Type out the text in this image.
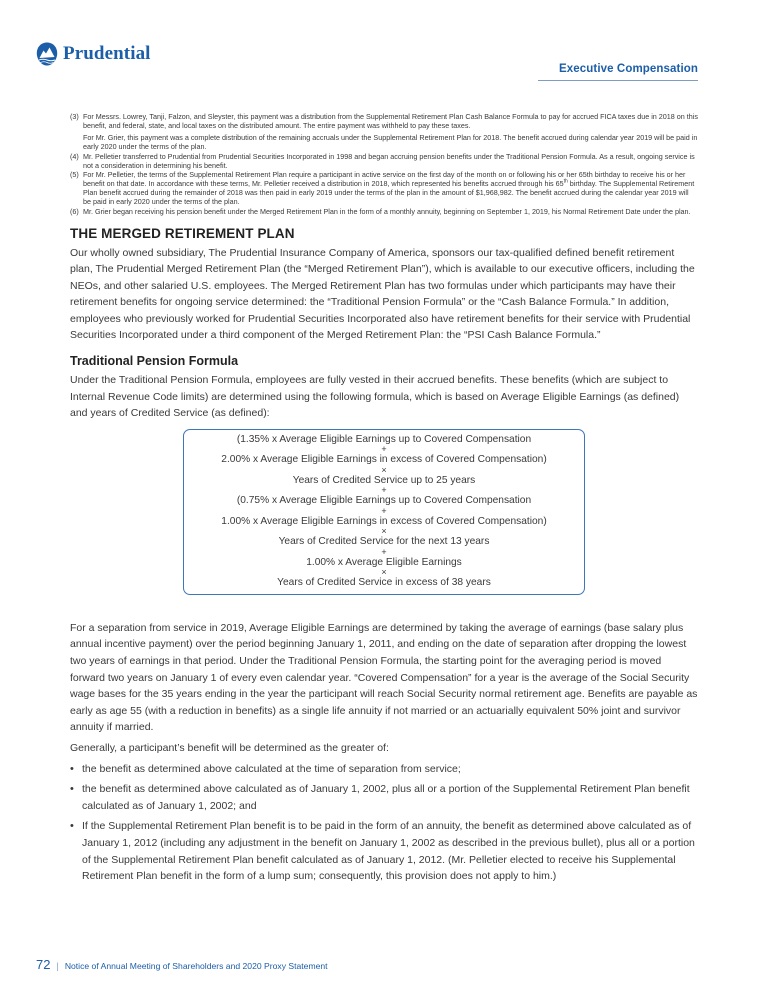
Prudential
Executive Compensation
(3) For Messrs. Lowrey, Tanji, Falzon, and Sleyster, this payment was a distribution from the Supplemental Retirement Plan Cash Balance Formula to pay for accrued FICA taxes due in 2018 on this benefit, and federal, state, and local taxes on the distributed amount. The entire payment was withheld to pay these taxes.

For Mr. Grier, this payment was a complete distribution of the remaining accruals under the Supplemental Retirement Plan for 2018. The benefit accrued during calendar year 2019 will be paid in early 2020 under the terms of the plan.

(4) Mr. Pelletier transferred to Prudential from Prudential Securities Incorporated in 1998 and began accruing pension benefits under the Traditional Pension Formula. As a result, ongoing service is not a consideration in determining his benefit.

(5) For Mr. Pelletier, the terms of the Supplemental Retirement Plan require a participant in active service on the first day of the month on or following his or her 65th birthday to receive his or her benefit on that date. In accordance with these terms, Mr. Pelletier received a distribution in 2018, which represented his benefits accrued through his 65th birthday. The Supplemental Retirement Plan benefit accrued during the remainder of 2018 was then paid in early 2019 under the terms of the plan in the amount of $1,968,982. The benefit accrued during the calendar year 2019 will be paid in early 2020 under the terms of the plan.

(6) Mr. Grier began receiving his pension benefit under the Merged Retirement Plan in the form of a monthly annuity, beginning on September 1, 2019, his Normal Retirement Date under the plan.

THE MERGED RETIREMENT PLAN

Our wholly owned subsidiary, The Prudential Insurance Company of America, sponsors our tax-qualified defined benefit retirement plan, The Prudential Merged Retirement Plan (the “Merged Retirement Plan”), which is available to our executive officers, including the NEOs, and other salaried U.S. employees. The Merged Retirement Plan has two formulas under which participants may have their retirement benefits for ongoing service determined: the “Traditional Pension Formula” or the “Cash Balance Formula.” In addition, employees who previously worked for Prudential Securities Incorporated also have retirement benefits for their service with Prudential Securities Incorporated under a third component of the Merged Retirement Plan: the “PSI Cash Balance Formula.”

Traditional Pension Formula

Under the Traditional Pension Formula, employees are fully vested in their accrued benefits. These benefits (which are subject to Internal Revenue Code limits) are determined using the following formula, which is based on Average Eligible Earnings (as defined) and years of Credited Service (as defined):

(1.35% x Average Eligible Earnings up to Covered Compensation
+
2.00% x Average Eligible Earnings in excess of Covered Compensation)
×
Years of Credited Service up to 25 years
+
(0.75% x Average Eligible Earnings up to Covered Compensation
+
1.00% x Average Eligible Earnings in excess of Covered Compensation)
×
Years of Credited Service for the next 13 years
+
1.00% x Average Eligible Earnings
×
Years of Credited Service in excess of 38 years

For a separation from service in 2019, Average Eligible Earnings are determined by taking the average of earnings (base salary plus annual incentive payment) over the period beginning January 1, 2011, and ending on the date of separation after dropping the lowest two years of earnings in that period. Under the Traditional Pension Formula, the starting point for the averaging period is moved forward two years on January 1 of every even calendar year. “Covered Compensation” for a year is the average of the Social Security wage bases for the 35 years ending in the year the participant will reach Social Security normal retirement age. Benefits are payable as early as age 55 (with a reduction in benefits) as a single life annuity if not married or an actuarially equivalent 50% joint and survivor annuity if married.

Generally, a participant’s benefit will be determined as the greater of:

• the benefit as determined above calculated at the time of separation from service;
• the benefit as determined above calculated as of January 1, 2002, plus all or a portion of the Supplemental Retirement Plan benefit calculated as of January 1, 2002; and
• If the Supplemental Retirement Plan benefit is to be paid in the form of an annuity, the benefit as determined above calculated as of January 1, 2012 (including any adjustment in the benefit on January 1, 2002 as described in the previous bullet), plus all or a portion of the Supplemental Retirement Plan benefit calculated as of January 1, 2012. (Mr. Pelletier elected to receive his Supplemental Retirement Plan benefit in the form of a lump sum; consequently, this provision does not apply to him.)
72 | Notice of Annual Meeting of Shareholders and 2020 Proxy Statement
